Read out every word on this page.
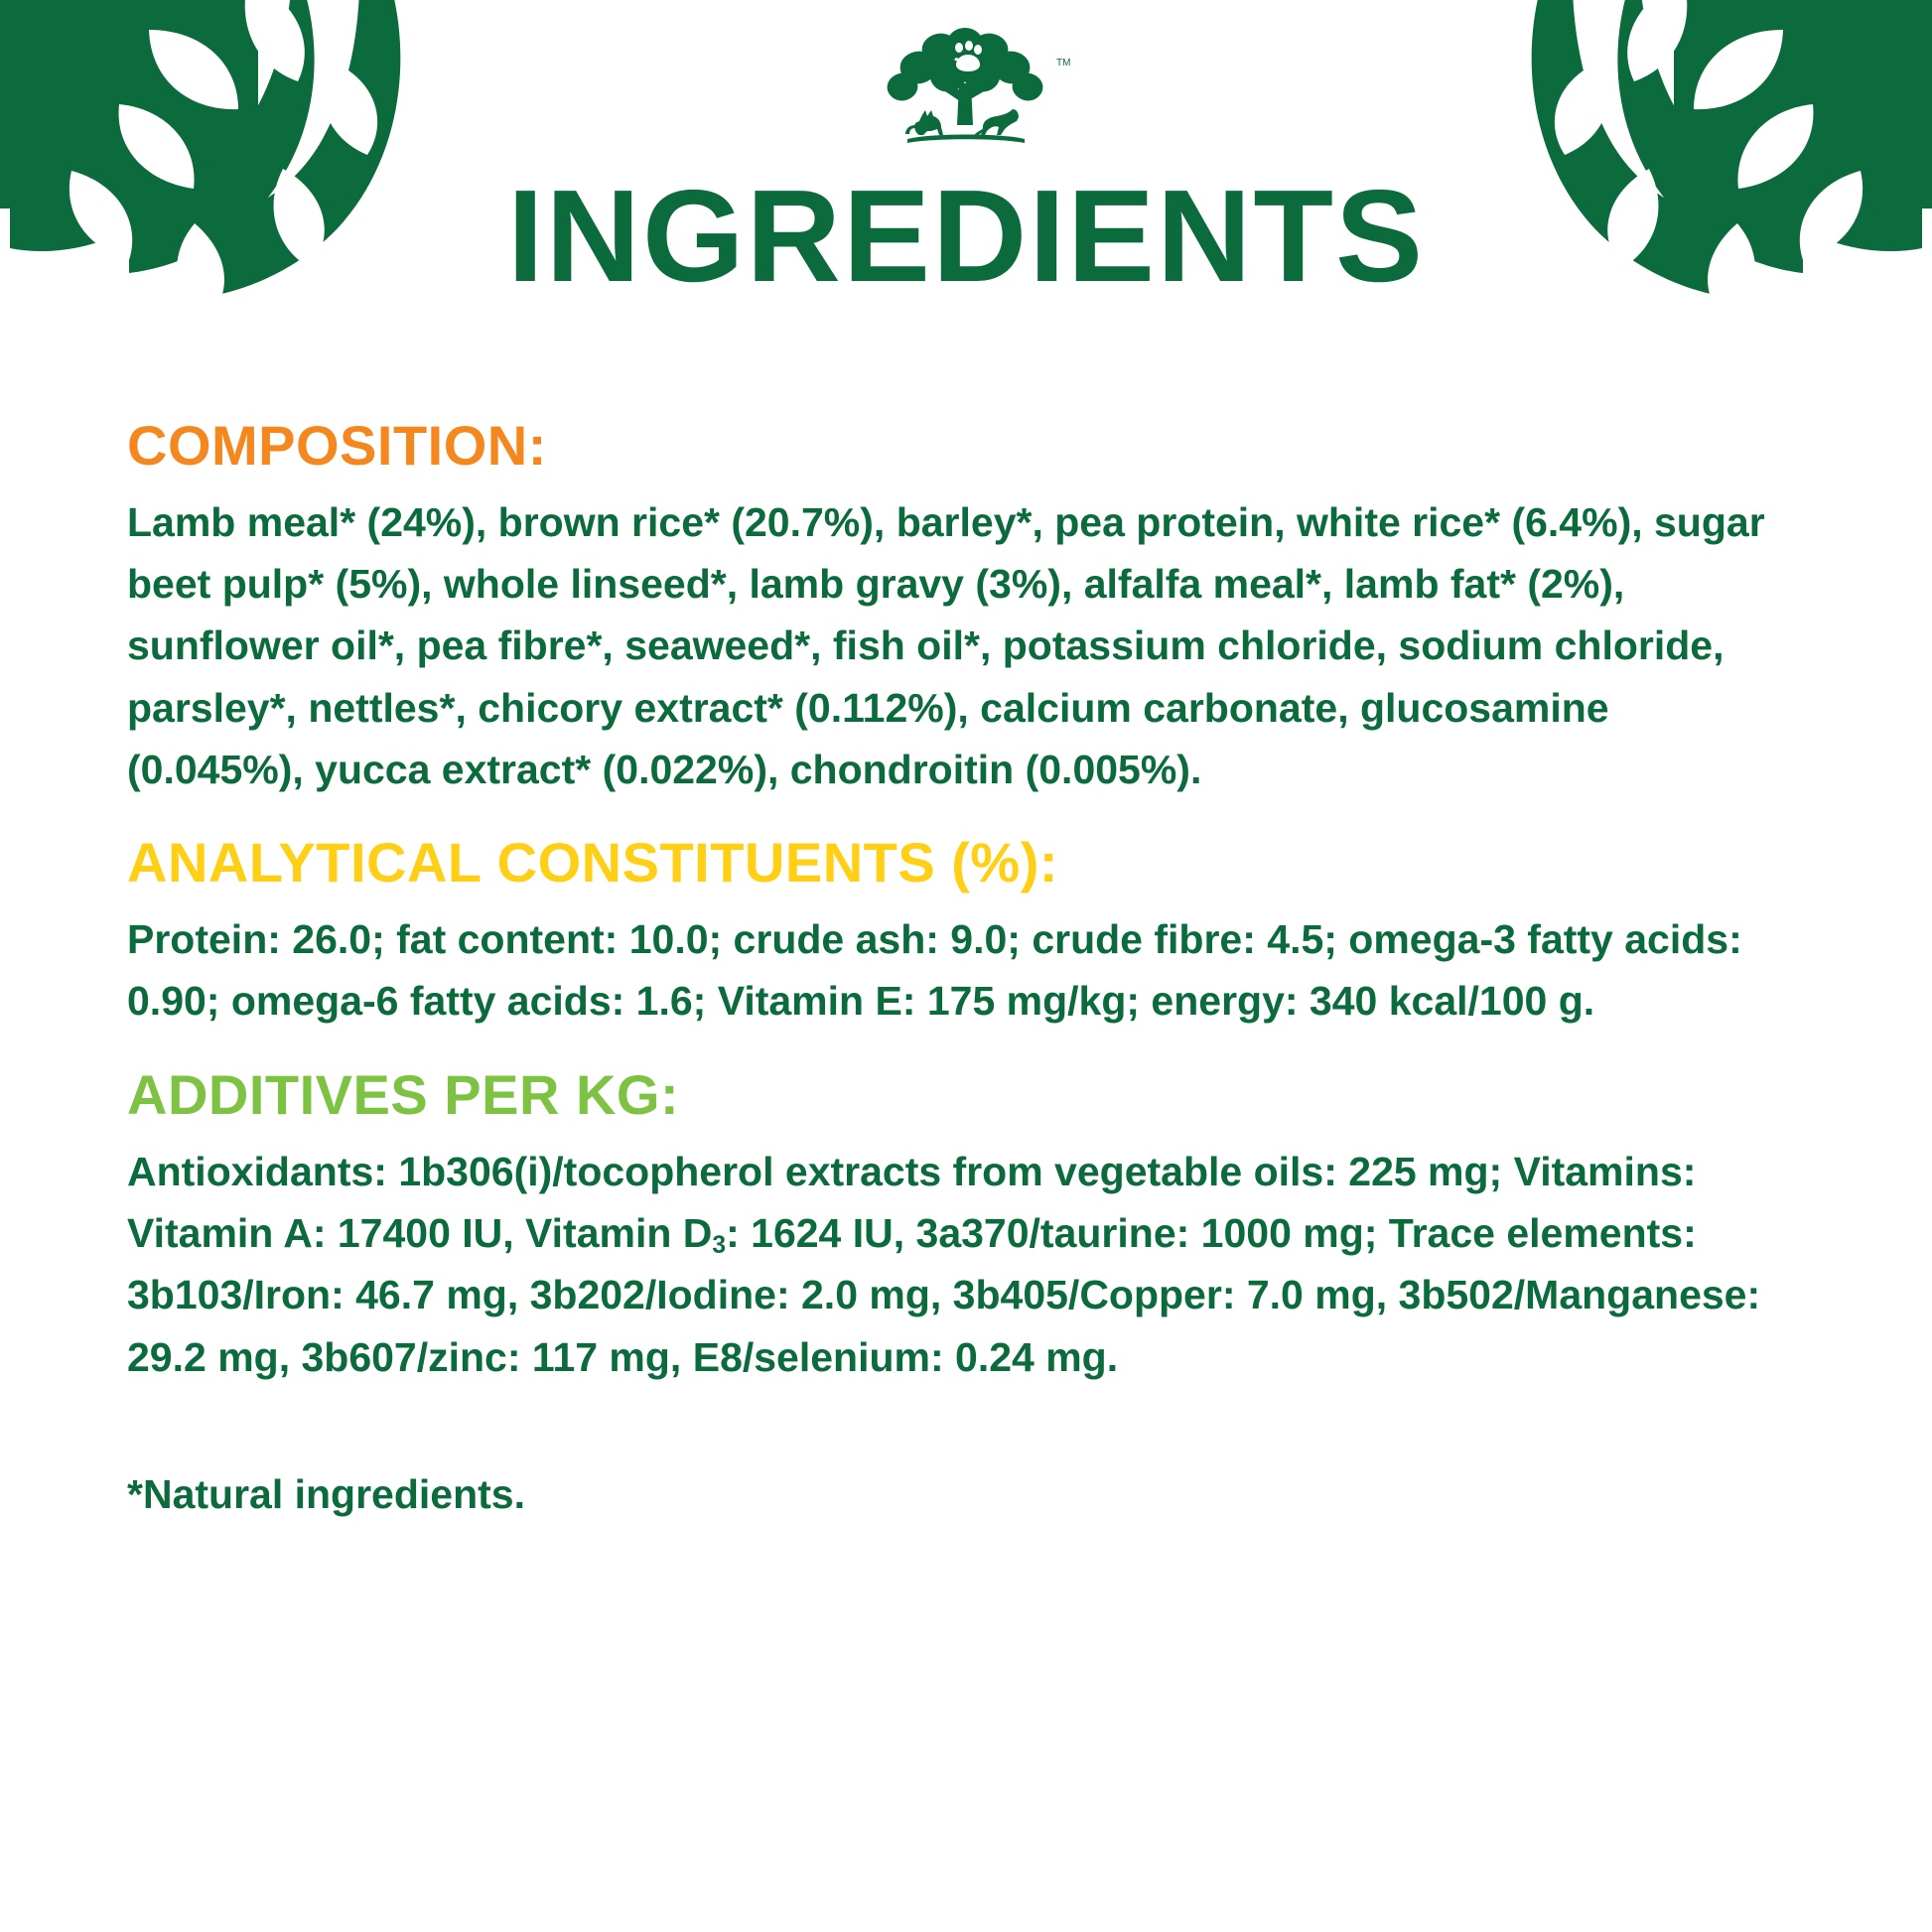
TM
INGREDIENTS
COMPOSITION:

Lamb meal* (24%), brown rice* (20.7%), barley*, pea protein, white rice* (6.4%), sugar beet pulp* (5%), whole linseed*, lamb gravy (3%), alfalfa meal*, lamb fat* (2%), sunflower oil*, pea fibre*, seaweed*, fish oil*, potassium chloride, sodium chloride, parsley*, nettles*, chicory extract* (0.112%), calcium carbonate, glucosamine (0.045%), yucca extract* (0.022%), chondroitin (0.005%).

ANALYTICAL CONSTITUENTS (%):

Protein: 26.0; fat content: 10.0; crude ash: 9.0; crude fibre: 4.5; omega-3 fatty acids: 0.90; omega-6 fatty acids: 1.6; Vitamin E: 175 mg/kg; energy: 340 kcal/100 g.

ADDITIVES PER KG:

Antioxidants: 1b306(i)/tocopherol extracts from vegetable oils: 225 mg; Vitamins: Vitamin A: 17400 IU, Vitamin $D_3$: 1624 IU, 3a370/taurine: 1000 mg; Trace elements: 3b103/Iron: 46.7 mg, 3b202/Iodine: 2.0 mg, 3b405/Copper: 7.0 mg, 3b502/Manganese: 29.2 mg, 3b607/zinc: 117 mg, E8/selenium: 0.24 mg.

*Natural ingredients.
